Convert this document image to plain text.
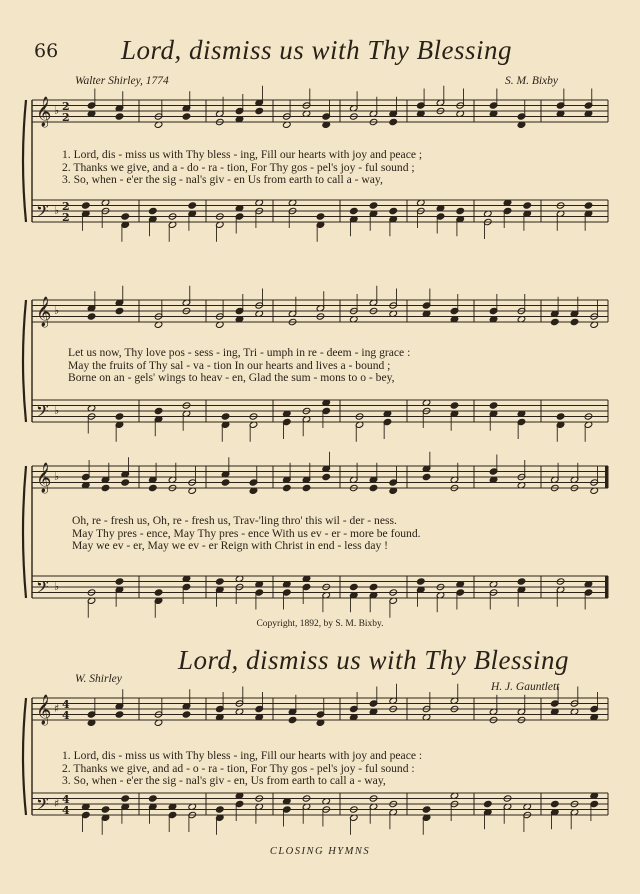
66 Lord, dismiss us with Thy Blessing
Walter Shirley, 1774	S. M. Bixby
𝄞 ♭ 2
2
𝄢 ♭ 2
2
1. Lord, dis - miss us with Thy bless - ing, Fill our hearts with joy and peace ;
2. Thanks we give, and a - do - ra - tion, For Thy gos - pel's joy - ful sound ;
3. So, when - e'er the sig - nal's giv - en Us from earth to call a - way,
𝄞 ♭
𝄢 ♭
Let us now, Thy love pos - sess - ing, Tri - umph in re - deem - ing grace :
May the fruits of Thy sal - va - tion In our hearts and lives a - bound ;
Borne on an - gels' wings to heav - en, Glad the sum - mons to o - bey,
𝄞 ♭
𝄢 ♭
Oh, re - fresh us, Oh, re - fresh us, Trav-'ling thro' this wil - der - ness.
May Thy pres - ence, May Thy pres - ence With us ev - er - more be found.
May we ev - er, May we ev - er Reign with Christ in end - less day !
Copyright, 1892, by S. M. Bixby.
Lord, dismiss us with Thy Blessing
W. Shirley
H. J. Gauntlett
𝄞 ♯ 4
4
𝄢 ♯ 4
4
1. Lord, dis - miss us with Thy bless - ing, Fill our hearts with joy and peace :
2. Thanks we give, and ad - o - ra - tion, For Thy gos - pel's joy - ful sound :
3. So, when - e'er the sig - nal's giv - en, Us from earth to call a - way,
CLOSING HYMNS
